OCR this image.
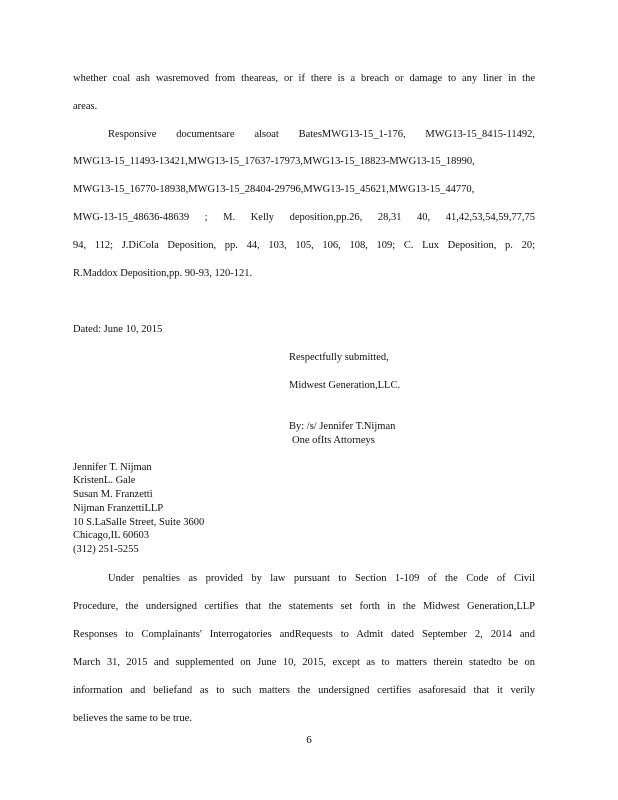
whether coal ash wasremoved from theareas, or if there is a breach or damage to any liner in the
areas.
Responsive documentsare alsoat BatesMWG13-15_1-176, MWG13-15_8415-11492,
MWG13-15_11493-13421,MWG13-15_17637-17973,MWG13-15_18823-MWG13-15_18990,
MWG13-15_16770-18938,MWG13-15_28404-29796,MWG13-15_45621,MWG13-15_44770,
MWG-13-15_48636-48639 ; M. Kelly deposition,pp.26, 28,31 40, 41,42,53,54,59,77,75
94, 112; J.DiCola Deposition, pp. 44, 103, 105, 106, 108, 109; C. Lux Deposition, p. 20;
R.Maddox Deposition,pp. 90-93, 120-121.
Dated: June 10, 2015
Respectfully submitted,
Midwest Generation,LLC.
By: /s/ Jennifer T.Nijman
One ofIts Attorneys
Jennifer T. Nijman
KristenL. Gale
Susan M. Franzetti
Nijman FranzettiLLP
10 S.LaSalle Street, Suite 3600
Chicago,IL 60603
(312) 251-5255
Under penalties as provided by law pursuant to Section 1-109 of the Code of Civil
Procedure, the undersigned certifies that the statements set forth in the Midwest Generation,LLP
Responses to Complainants' Interrogatories andRequests to Admit dated September 2, 2014 and
March 31, 2015 and supplemented on June 10, 2015, except as to matters therein statedto be on
information and beliefand as to such matters the undersigned certifies asaforesaid that it verily
believes the same to be true.
6
